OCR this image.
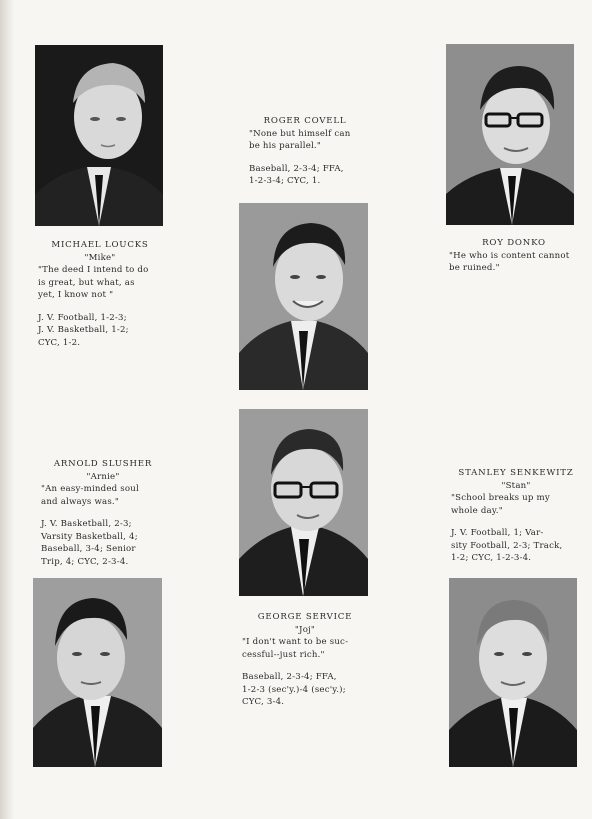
MICHAEL LOUCKS
"Mike"
"The deed I intend to do
is great, but what, as
yet, I know not "
J. V. Football, 1-2-3;
J. V. Basketball, 1-2;
CYC, 1-2.
ROGER COVELL
"None but himself can
be his parallel."
Baseball, 2-3-4; FFA,
1-2-3-4; CYC, 1.
ROY DONKO
"He who is content cannot
be ruined."
ARNOLD SLUSHER
"Arnie"
"An easy-minded soul
and always was."
J. V. Basketball, 2-3;
Varsity Basketball, 4;
Baseball, 3-4; Senior
Trip, 4; CYC, 2-3-4.
STANLEY SENKEWITZ
"Stan"
"School breaks up my
whole day."
J. V. Football, 1; Var-
sity Football, 2-3; Track,
1-2; CYC, 1-2-3-4.
GEORGE SERVICE
"Joj"
"I don't want to be suc-
cessful--just rich."
Baseball, 2-3-4; FFA,
1-2-3 (sec'y.)-4 (sec'y.);
CYC, 3-4.
